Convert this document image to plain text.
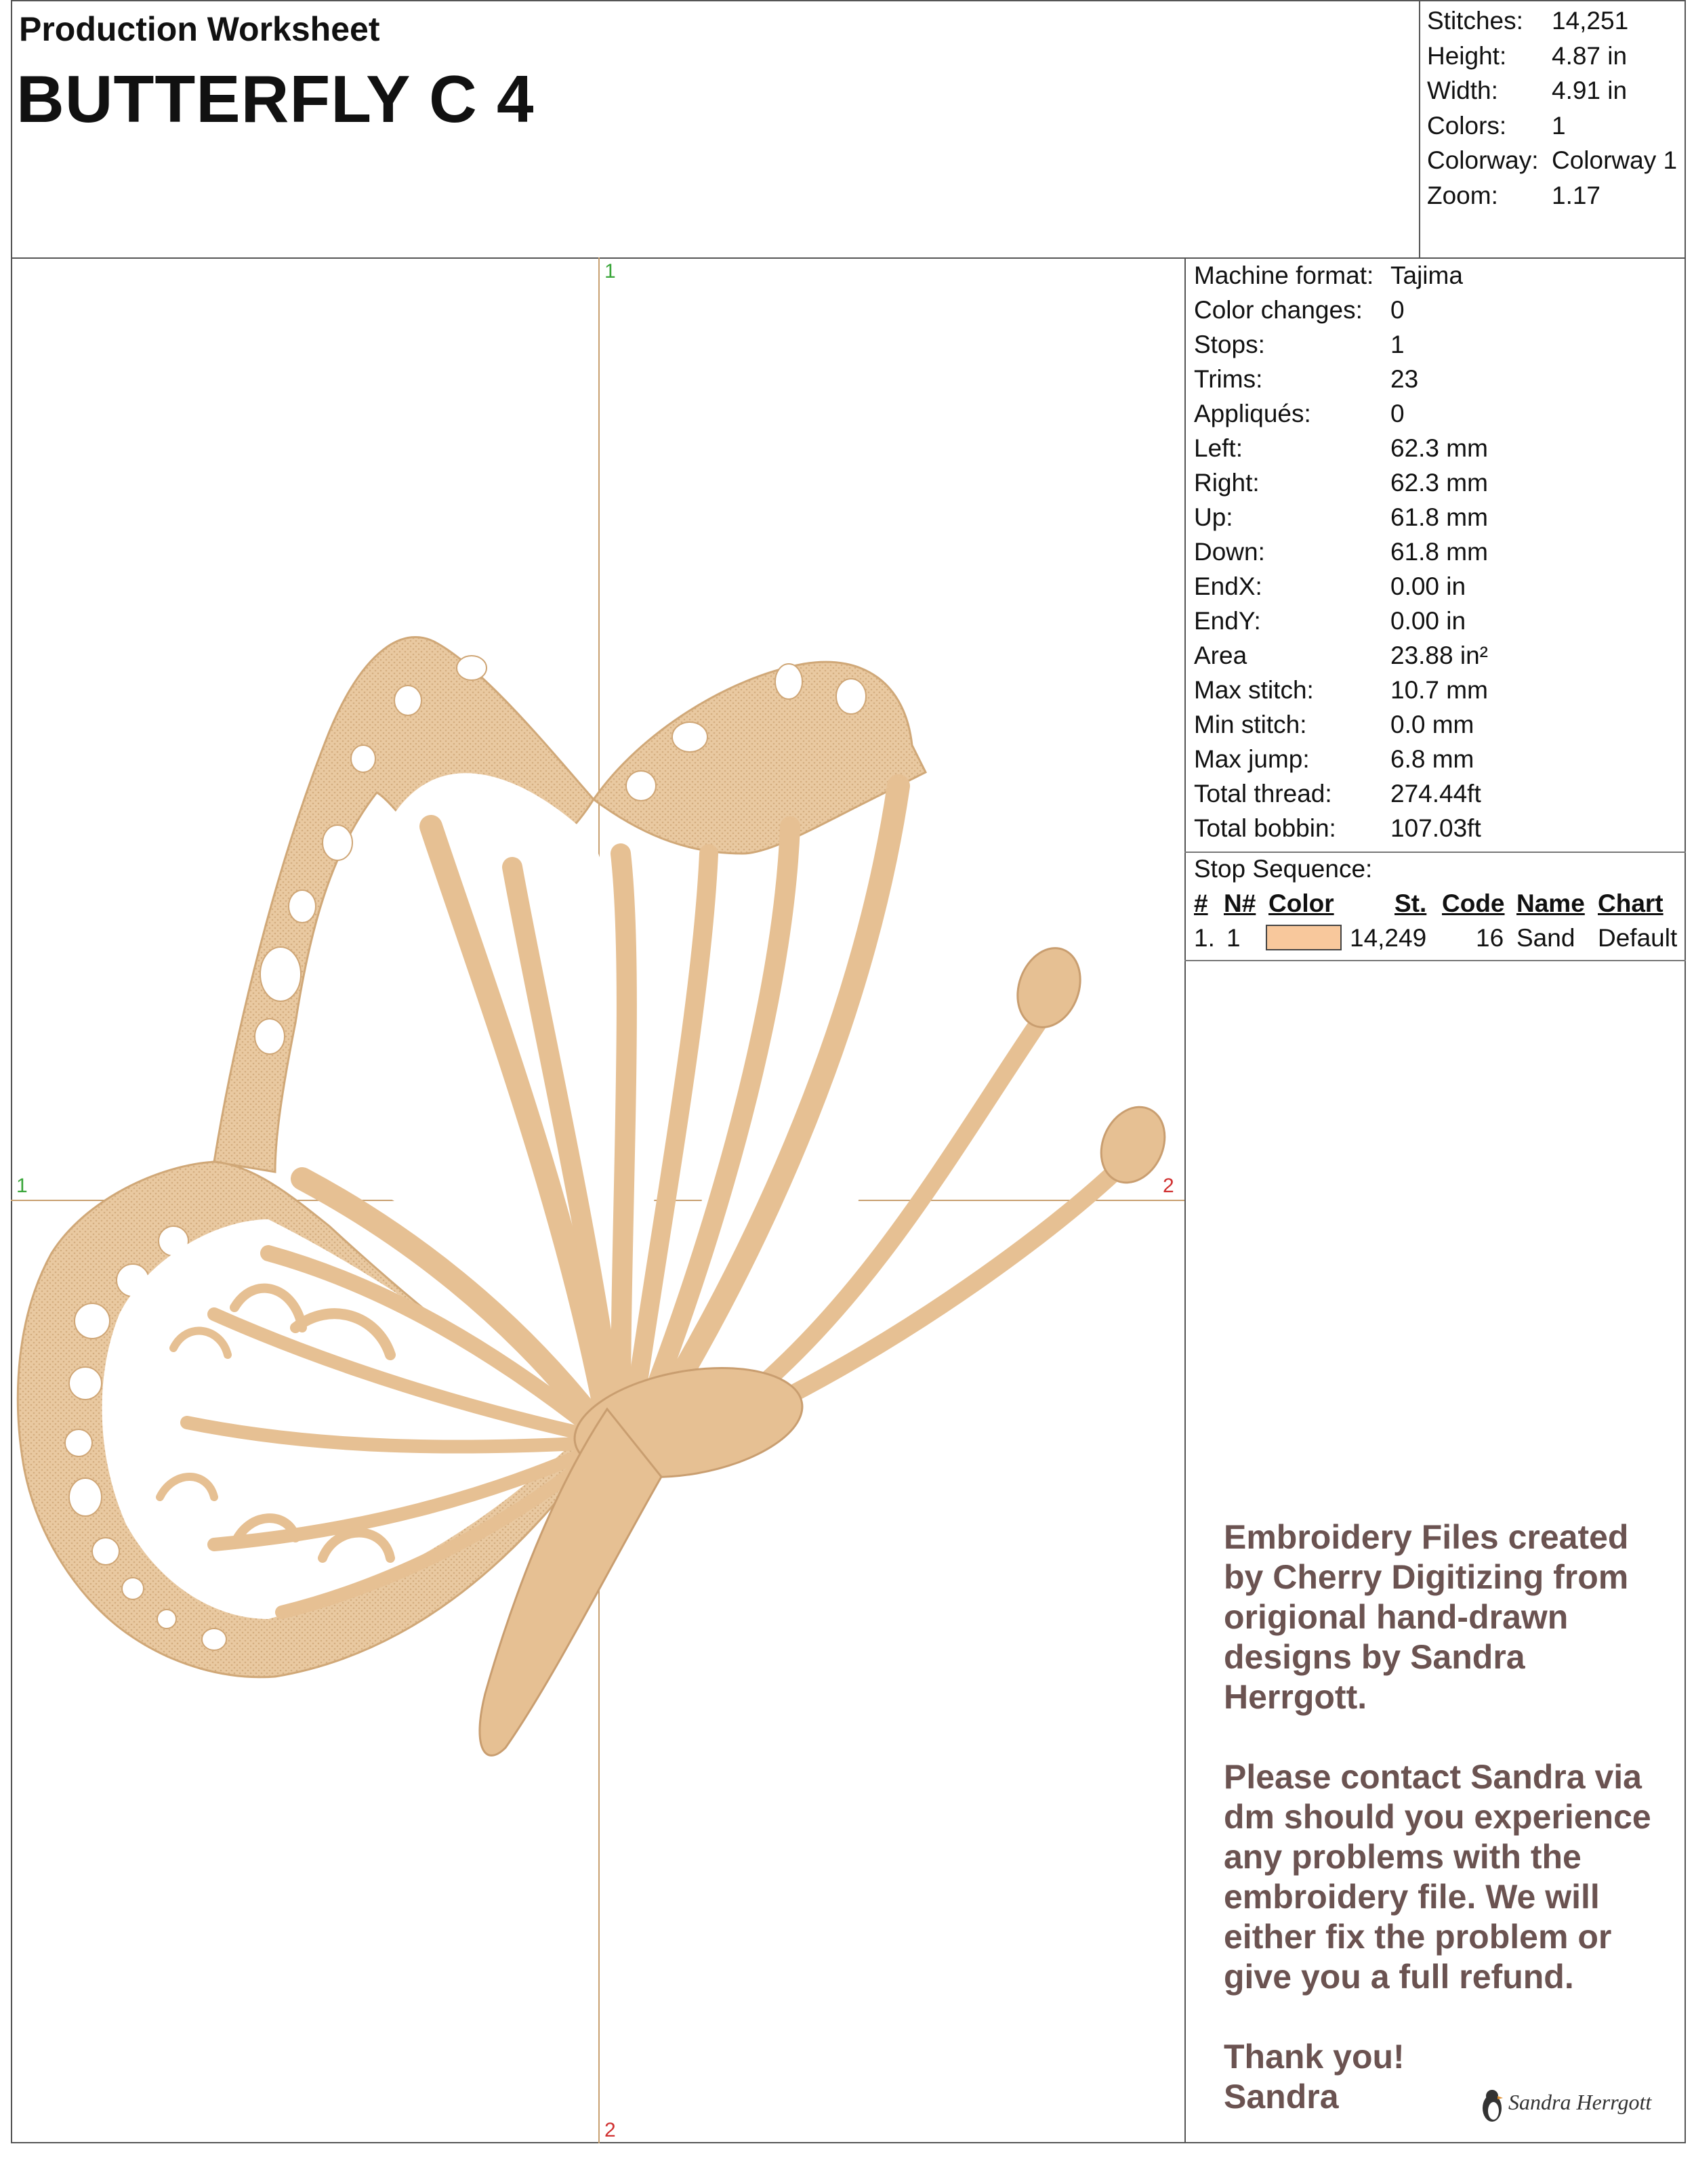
Production Worksheet
BUTTERFLY C 4
Stitches: 14,251
Height: 4.87 in
Width: 4.91 in
Colors: 1
Colorway: Colorway 1
Zoom: 1.17
1
1	2
2
Machine format: Tajima
Color changes: 0
Stops:	1
Trims:	23
Appliqués:	0
Left:	62.3 mm
Right:	62.3 mm
Up:	61.8 mm
Down:	61.8 mm
EndX:	0.00 in
EndY:	0.00 in
Area	23.88 in²
Max stitch:	10.7 mm
Min stitch:	0.0 mm
Max jump:	6.8 mm
Total thread: 274.44ft
Total bobbin: 107.03ft
Stop Sequence:
# N# Color St. Code Name Chart
1. 1	14,249 16 Sand Default

Embroidery Files created by Cherry Digitizing from origional hand-drawn designs by Sandra Herrgott.

Please contact Sandra via dm should you experience any problems with the embroidery file. We will either fix the problem or give you a full refund.

Thank you!
Sandra	Sandra Herrgott
